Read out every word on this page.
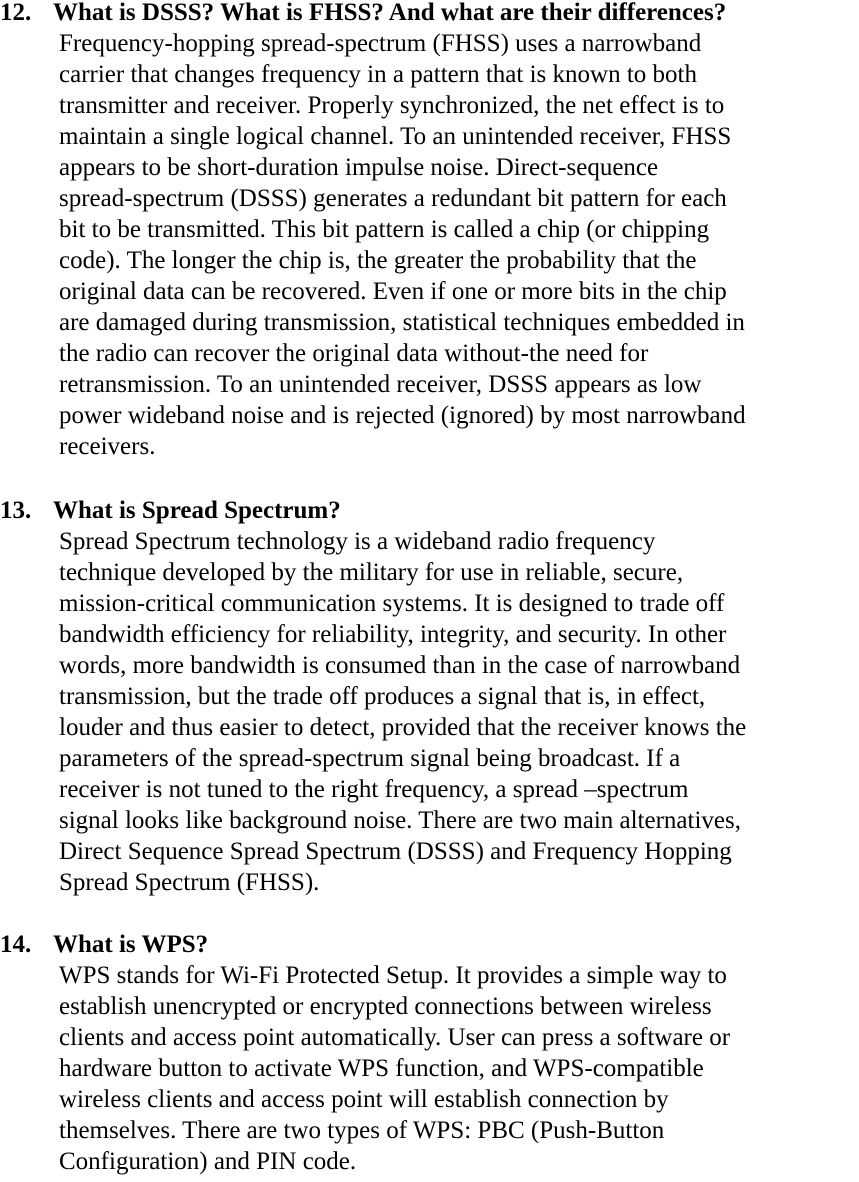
12. What is DSSS? What is FHSS? And what are their differences?
Frequency-hopping spread-spectrum (FHSS) uses a narrowband
carrier that changes frequency in a pattern that is known to both
transmitter and receiver. Properly synchronized, the net effect is to
maintain a single logical channel. To an unintended receiver, FHSS
appears to be short-duration impulse noise. Direct-sequence
spread-spectrum (DSSS) generates a redundant bit pattern for each
bit to be transmitted. This bit pattern is called a chip (or chipping
code). The longer the chip is, the greater the probability that the
original data can be recovered. Even if one or more bits in the chip
are damaged during transmission, statistical techniques embedded in
the radio can recover the original data without-the need for
retransmission. To an unintended receiver, DSSS appears as low
power wideband noise and is rejected (ignored) by most narrowband
receivers.
13. What is Spread Spectrum?
Spread Spectrum technology is a wideband radio frequency
technique developed by the military for use in reliable, secure,
mission-critical communication systems. It is designed to trade off
bandwidth efficiency for reliability, integrity, and security. In other
words, more bandwidth is consumed than in the case of narrowband
transmission, but the trade off produces a signal that is, in effect,
louder and thus easier to detect, provided that the receiver knows the
parameters of the spread-spectrum signal being broadcast. If a
receiver is not tuned to the right frequency, a spread –spectrum
signal looks like background noise. There are two main alternatives,
Direct Sequence Spread Spectrum (DSSS) and Frequency Hopping
Spread Spectrum (FHSS).
14. What is WPS?
WPS stands for Wi-Fi Protected Setup. It provides a simple way to
establish unencrypted or encrypted connections between wireless
clients and access point automatically. User can press a software or
hardware button to activate WPS function, and WPS-compatible
wireless clients and access point will establish connection by
themselves. There are two types of WPS: PBC (Push-Button
Configuration) and PIN code.
